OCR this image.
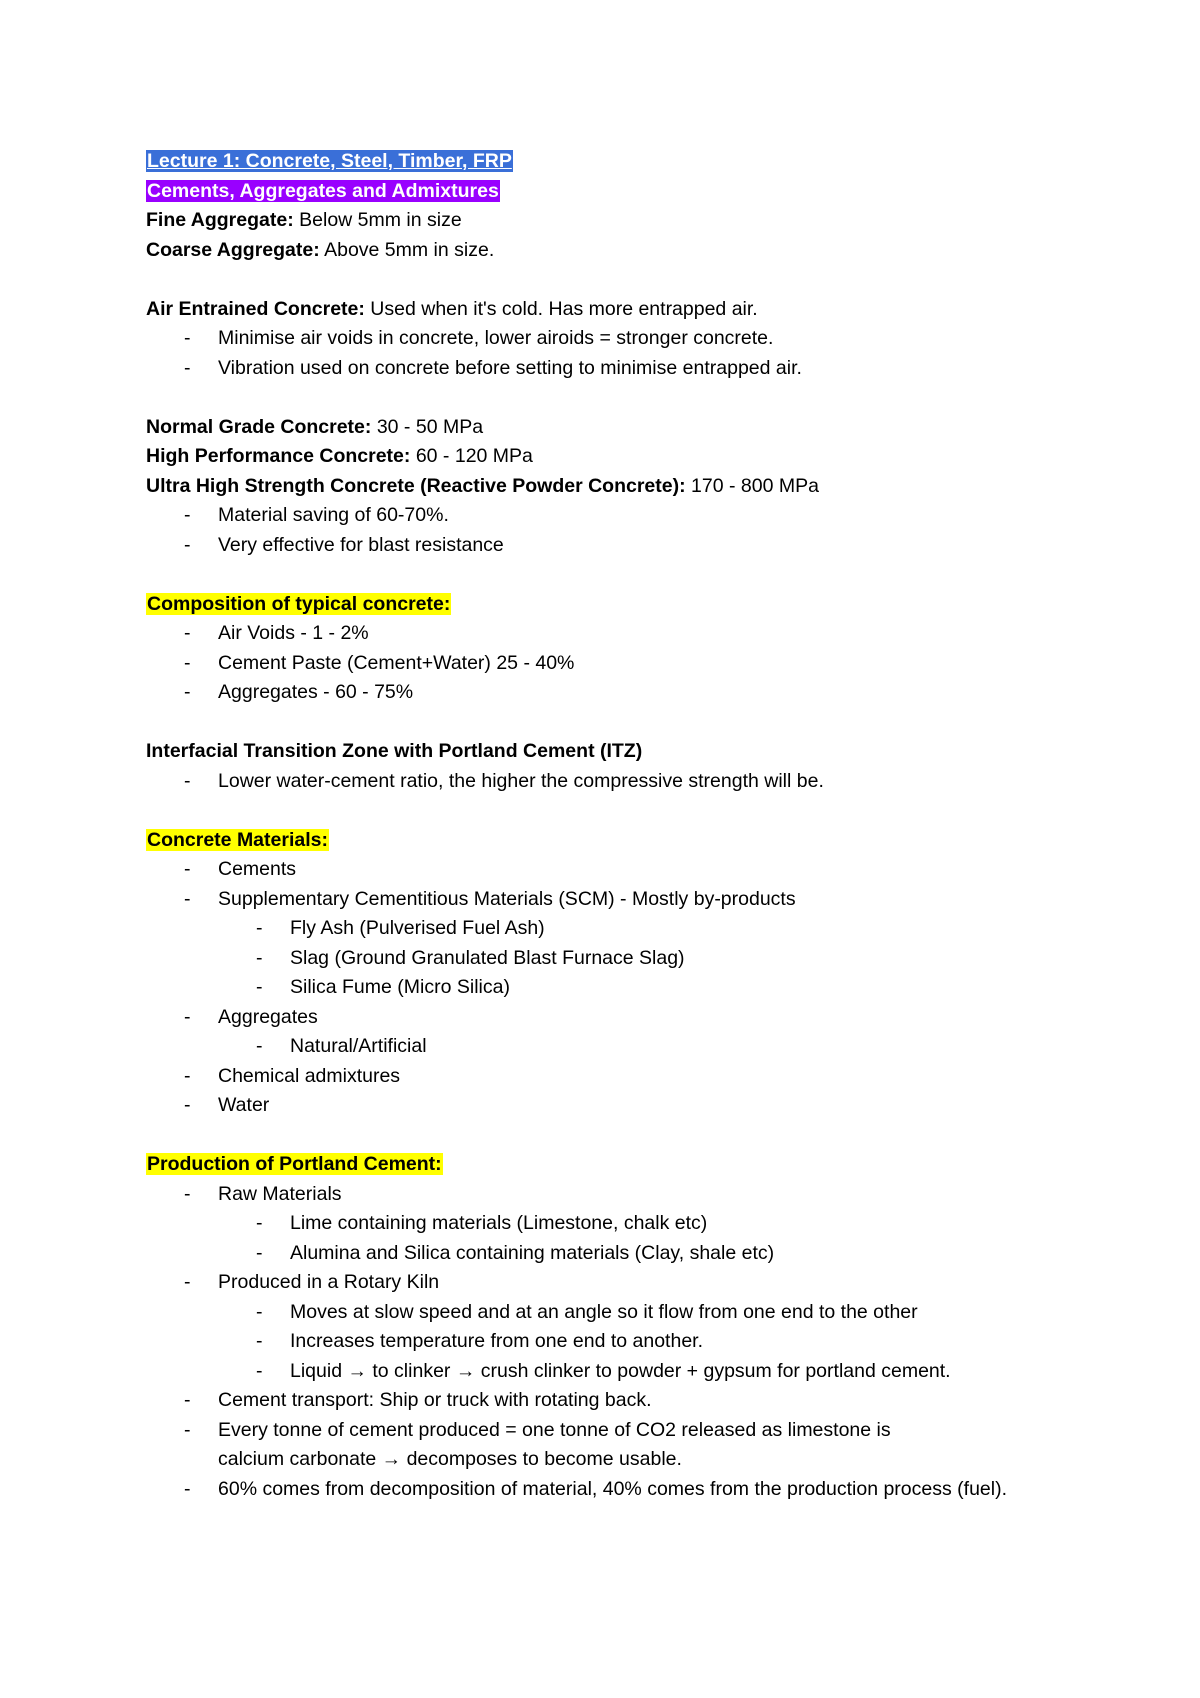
Lecture 1: Concrete, Steel, Timber, FRP
Cements, Aggregates and Admixtures
Fine Aggregate: Below 5mm in size
Coarse Aggregate: Above 5mm in size.
Air Entrained Concrete: Used when it's cold. Has more entrapped air.
- Minimise air voids in concrete, lower airoids = stronger concrete.
- Vibration used on concrete before setting to minimise entrapped air.
Normal Grade Concrete: 30 - 50 MPa
High Performance Concrete: 60 - 120 MPa
Ultra High Strength Concrete (Reactive Powder Concrete): 170 - 800 MPa
- Material saving of 60-70%.
- Very effective for blast resistance
Composition of typical concrete:
- Air Voids - 1 - 2%
- Cement Paste (Cement+Water) 25 - 40%
- Aggregates - 60 - 75%
Interfacial Transition Zone with Portland Cement (ITZ)
- Lower water-cement ratio, the higher the compressive strength will be.
Concrete Materials:
- Cements
- Supplementary Cementitious Materials (SCM) - Mostly by-products
- Fly Ash (Pulverised Fuel Ash)
- Slag (Ground Granulated Blast Furnace Slag)
- Silica Fume (Micro Silica)
- Aggregates
- Natural/Artificial
- Chemical admixtures
- Water
Production of Portland Cement:
- Raw Materials
- Lime containing materials (Limestone, chalk etc)
- Alumina and Silica containing materials (Clay, shale etc)
- Produced in a Rotary Kiln
- Moves at slow speed and at an angle so it flow from one end to the other
- Increases temperature from one end to another.
- Liquid → to clinker → crush clinker to powder + gypsum for portland cement.
- Cement transport: Ship or truck with rotating back.
- Every tonne of cement produced = one tonne of CO2 released as limestone is calcium carbonate → decomposes to become usable.
- 60% comes from decomposition of material, 40% comes from the production process (fuel).
